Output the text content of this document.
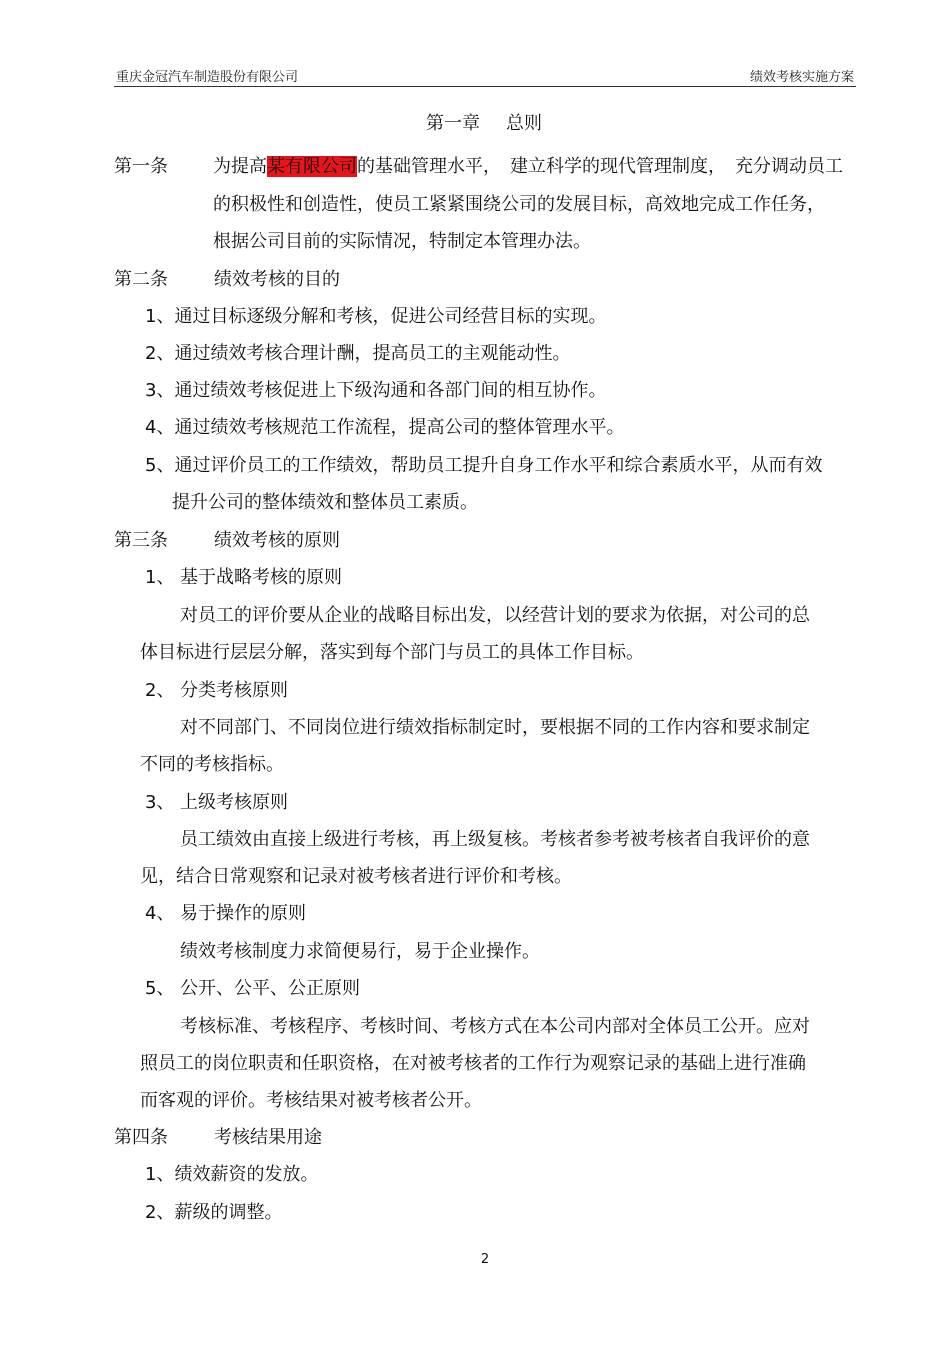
重庆金冠汽车制造股份有限公司	绩效考核实施方案
第一章 总则
第一条	为提高某有限公司的基础管理水平，　建立科学的现代管理制度，　充分调动员工
的积极性和创造性，使员工紧紧围绕公司的发展目标，高效地完成工作任务，
根据公司目前的实际情况，特制定本管理办法。
第二条	绩效考核的目的
1、通过目标逐级分解和考核，促进公司经营目标的实现。
2、通过绩效考核合理计酬，提高员工的主观能动性。
3、通过绩效考核促进上下级沟通和各部门间的相互协作。
4、通过绩效考核规范工作流程，提高公司的整体管理水平。
5、通过评价员工的工作绩效，帮助员工提升自身工作水平和综合素质水平，从而有效
提升公司的整体绩效和整体员工素质。
第三条	绩效考核的原则
1、 基于战略考核的原则
对员工的评价要从企业的战略目标出发，以经营计划的要求为依据，对公司的总
体目标进行层层分解，落实到每个部门与员工的具体工作目标。
2、 分类考核原则
对不同部门、不同岗位进行绩效指标制定时，要根据不同的工作内容和要求制定
不同的考核指标。
3、 上级考核原则
员工绩效由直接上级进行考核，再上级复核。考核者参考被考核者自我评价的意
见，结合日常观察和记录对被考核者进行评价和考核。
4、 易于操作的原则
绩效考核制度力求简便易行，易于企业操作。
5、 公开、公平、公正原则
考核标准、考核程序、考核时间、考核方式在本公司内部对全体员工公开。应对
照员工的岗位职责和任职资格，在对被考核者的工作行为观察记录的基础上进行准确
而客观的评价。考核结果对被考核者公开。
第四条	考核结果用途
1、绩效薪资的发放。
2、薪级的调整。
2
